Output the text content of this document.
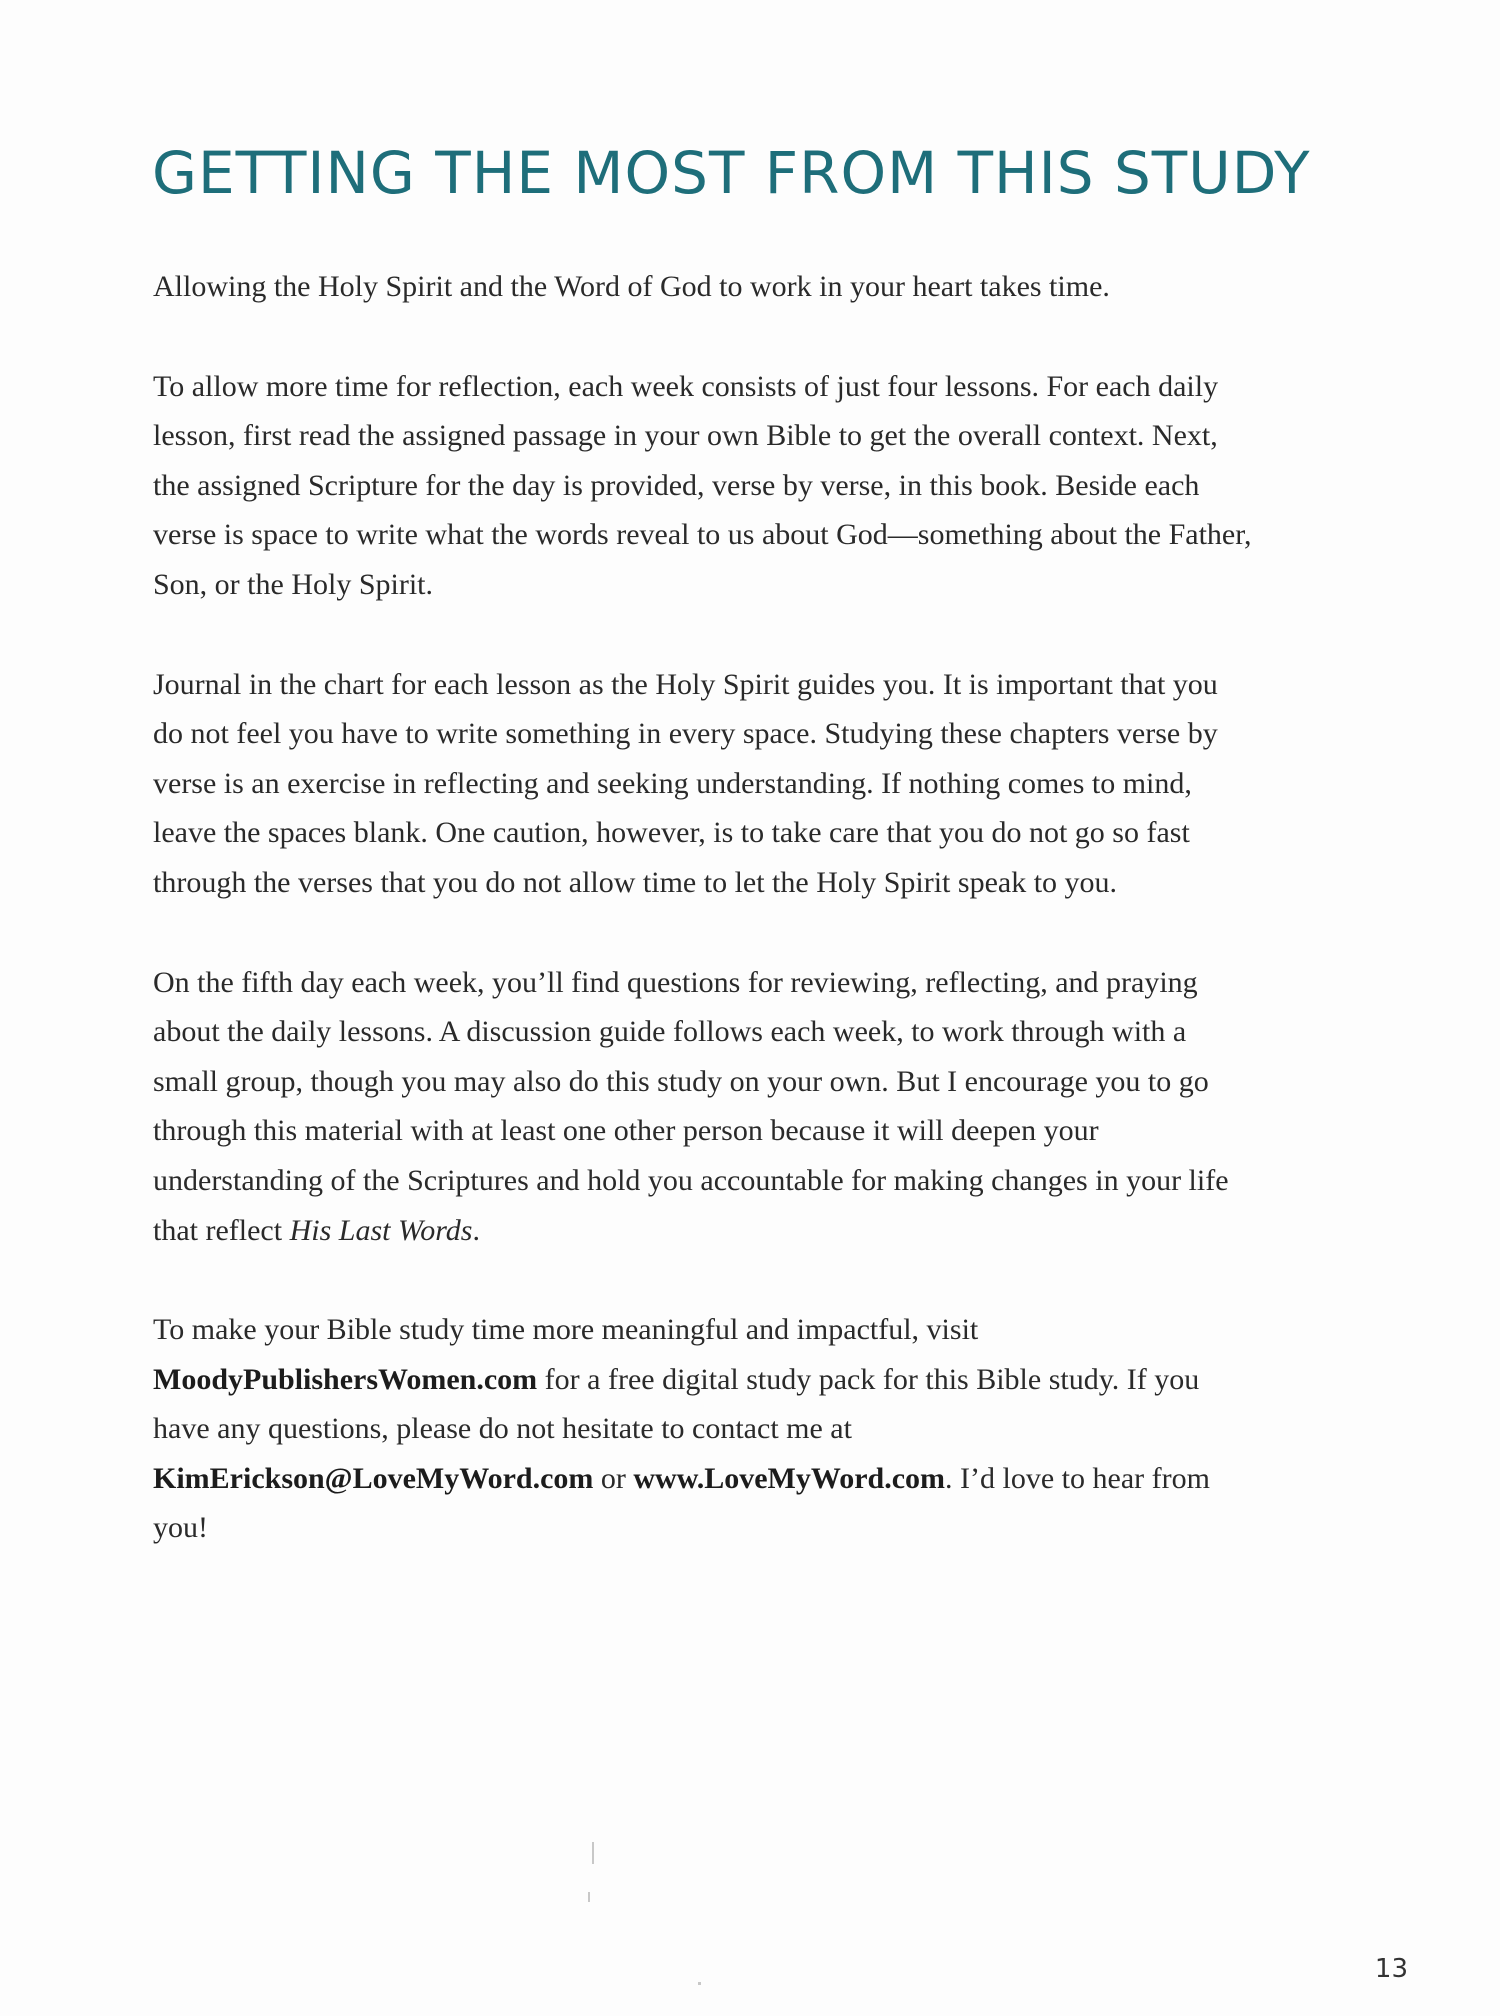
GETTING THE MOST FROM THIS STUDY

Allowing the Holy Spirit and the Word of God to work in your heart takes time.

To allow more time for reflection, each week consists of just four lessons. For each daily lesson, first read the assigned passage in your own Bible to get the overall context. Next, the assigned Scripture for the day is provided, verse by verse, in this book. Beside each verse is space to write what the words reveal to us about God—something about the Father, Son, or the Holy Spirit.

Journal in the chart for each lesson as the Holy Spirit guides you. It is important that you do not feel you have to write something in every space. Studying these chapters verse by verse is an exercise in reflecting and seeking understanding. If nothing comes to mind, leave the spaces blank. One caution, however, is to take care that you do not go so fast through the verses that you do not allow time to let the Holy Spirit speak to you.

On the fifth day each week, you’ll find questions for reviewing, reflecting, and praying about the daily lessons. A discussion guide follows each week, to work through with a small group, though you may also do this study on your own. But I encourage you to go through this material with at least one other person because it will deepen your understanding of the Scriptures and hold you accountable for making changes in your life that reflect His Last Words.

To make your Bible study time more meaningful and impactful, visit MoodyPublishersWomen.com for a free digital study pack for this Bible study. If you have any questions, please do not hesitate to contact me at KimErickson@LoveMyWord.com or www.LoveMyWord.com. I’d love to hear from you!

13
